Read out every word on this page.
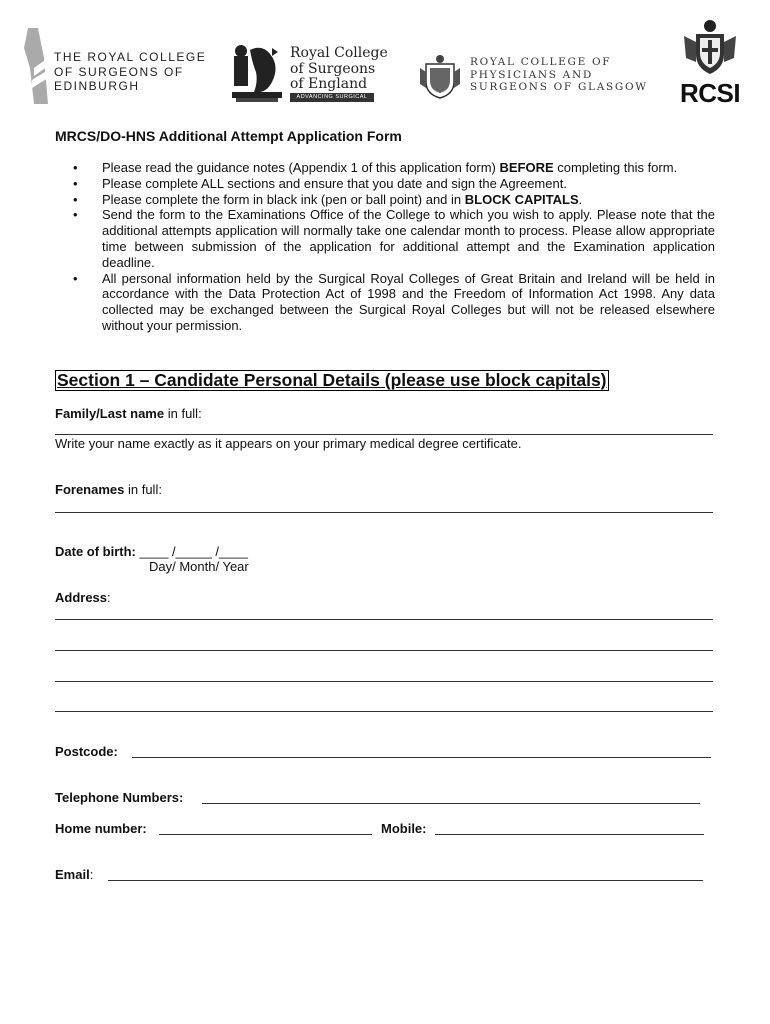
THE ROYAL COLLEGE
OF SURGEONS OF
EDINBURGH
Royal College
of Surgeons
of England
ADVANCING SURGICAL CARE
ROYAL COLLEGE OF
PHYSICIANS AND
SURGEONS OF GLASGOW	RCSI
MRCS/DO-HNS Additional Attempt Application Form
• Please read the guidance notes (Appendix 1 of this application form) BEFORE completing this form.
• Please complete ALL sections and ensure that you date and sign the Agreement.
• Please complete the form in black ink (pen or ball point) and in BLOCK CAPITALS.
• Send the form to the Examinations Office of the College to which you wish to apply. Please note that the additional attempts application will normally take one calendar month to process. Please allow appropriate time between submission of the application for additional attempt and the Examination application deadline.
• All personal information held by the Surgical Royal Colleges of Great Britain and Ireland will be held in accordance with the Data Protection Act of 1998 and the Freedom of Information Act 1998. Any data collected may be exchanged between the Surgical Royal Colleges but will not be released elsewhere without your permission.
Section 1 – Candidate Personal Details (please use block capitals)
Family/Last name in full:
Write your name exactly as it appears on your primary medical degree certificate.
Forenames in full:
Date of birth: ____ /_____ /____
Day/ Month/ Year
Address:
Postcode:
Telephone Numbers:
Home number:	Mobile:
Email:
